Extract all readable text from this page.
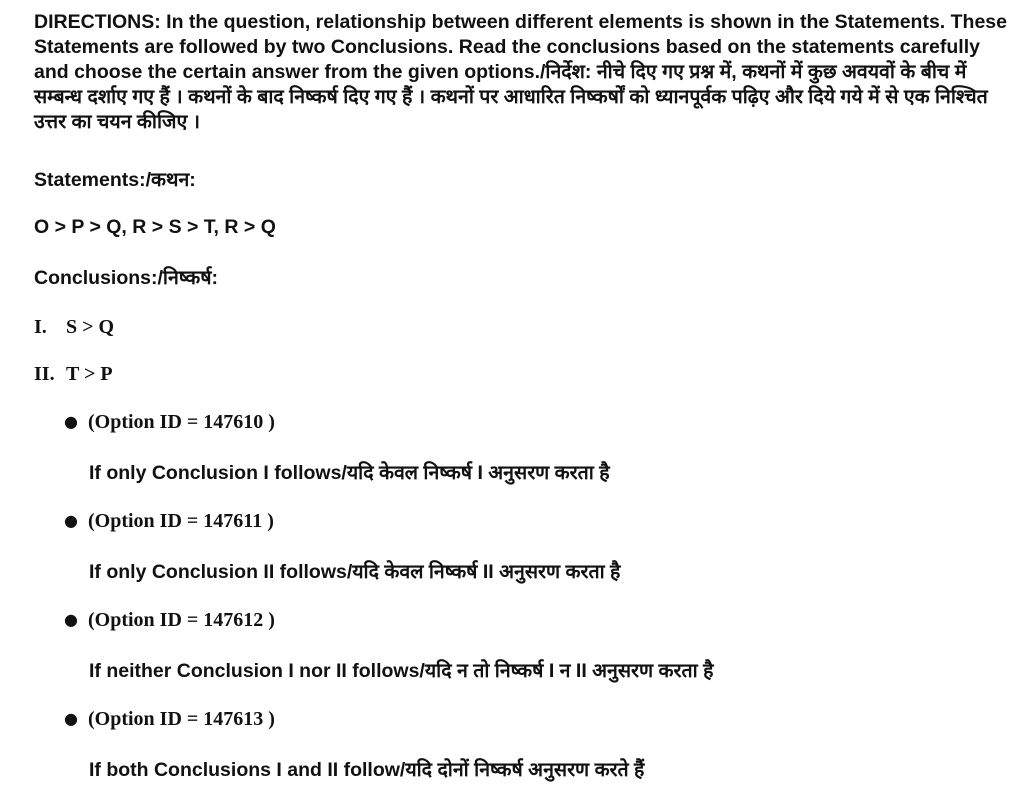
DIRECTIONS: In the question, relationship between different elements is shown in the Statements. These Statements are followed by two Conclusions. Read the conclusions based on the statements carefully and choose the certain answer from the given options./निर्देश: नीचे दिए गए प्रश्न में, कथनों में कुछ अवयवों के बीच में सम्बन्ध दर्शाए गए हैं । कथनों के बाद निष्कर्ष दिए गए हैं । कथनों पर आधारित निष्कर्षों को ध्यानपूर्वक पढ़िए और दिये गये में से एक निश्चित उत्तर का चयन कीजिए ।

Statements:/कथन:

O > P > Q, R > S > T, R > Q

Conclusions:/निष्कर्ष:

I. S > Q

II. T > P

● (Option ID = 147610 )
If only Conclusion I follows/यदि केवल निष्कर्ष I अनुसरण करता है
● (Option ID = 147611 )
If only Conclusion II follows/यदि केवल निष्कर्ष II अनुसरण करता है
● (Option ID = 147612 )
If neither Conclusion I nor II follows/यदि न तो निष्कर्ष I न II अनुसरण करता है
● (Option ID = 147613 )
If both Conclusions I and II follow/यदि दोनों निष्कर्ष अनुसरण करते हैं
